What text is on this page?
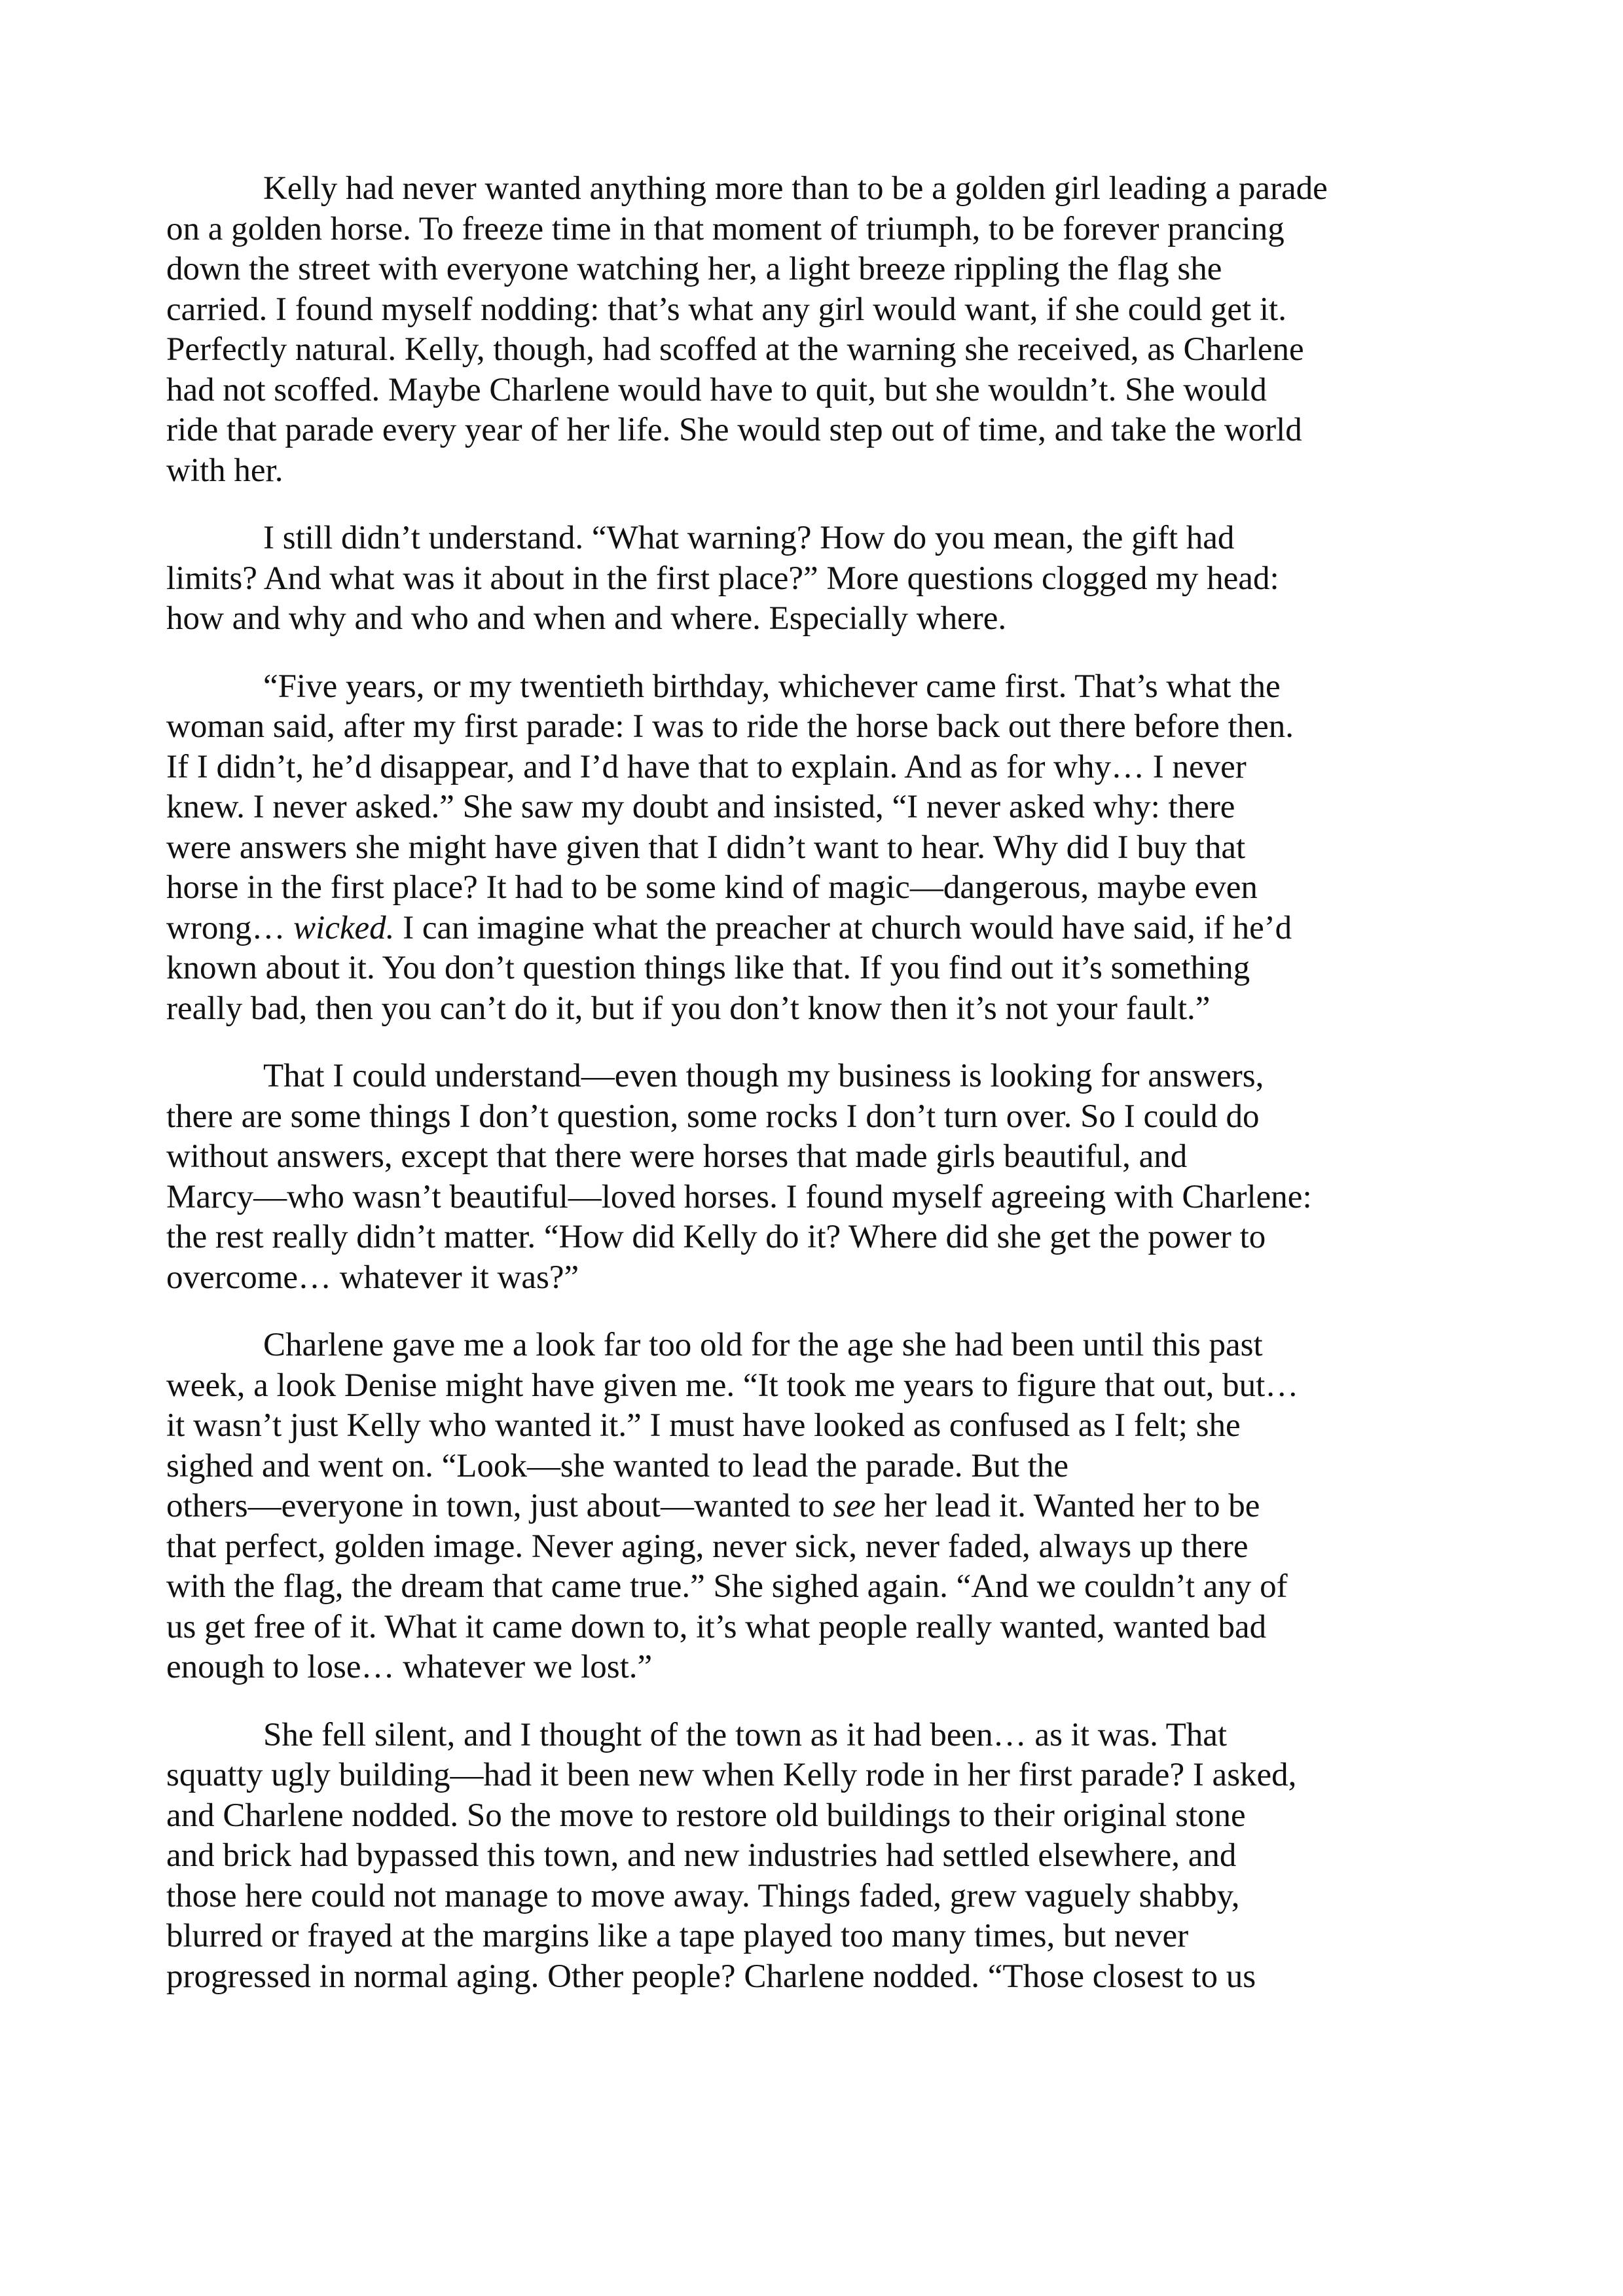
Kelly had never wanted anything more than to be a golden girl leading a parade
on a golden horse. To freeze time in that moment of triumph, to be forever prancing
down the street with everyone watching her, a light breeze rippling the flag she
carried. I found myself nodding: that’s what any girl would want, if she could get it.
Perfectly natural. Kelly, though, had scoffed at the warning she received, as Charlene
had not scoffed. Maybe Charlene would have to quit, but she wouldn’t. She would
ride that parade every year of her life. She would step out of time, and take the world
with her.
I still didn’t understand. “What warning? How do you mean, the gift had
limits? And what was it about in the first place?” More questions clogged my head:
how and why and who and when and where. Especially where.
“Five years, or my twentieth birthday, whichever came first. That’s what the
woman said, after my first parade: I was to ride the horse back out there before then.
If I didn’t, he’d disappear, and I’d have that to explain. And as for why… I never
knew. I never asked.” She saw my doubt and insisted, “I never asked why: there
were answers she might have given that I didn’t want to hear. Why did I buy that
horse in the first place? It had to be some kind of magic—dangerous, maybe even
wrong… wicked. I can imagine what the preacher at church would have said, if he’d
known about it. You don’t question things like that. If you find out it’s something
really bad, then you can’t do it, but if you don’t know then it’s not your fault.”
That I could understand—even though my business is looking for answers,
there are some things I don’t question, some rocks I don’t turn over. So I could do
without answers, except that there were horses that made girls beautiful, and
Marcy—who wasn’t beautiful—loved horses. I found myself agreeing with Charlene:
the rest really didn’t matter. “How did Kelly do it? Where did she get the power to
overcome… whatever it was?”
Charlene gave me a look far too old for the age she had been until this past
week, a look Denise might have given me. “It took me years to figure that out, but…
it wasn’t just Kelly who wanted it.” I must have looked as confused as I felt; she
sighed and went on. “Look—she wanted to lead the parade. But the
others—everyone in town, just about—wanted to see her lead it. Wanted her to be
that perfect, golden image. Never aging, never sick, never faded, always up there
with the flag, the dream that came true.” She sighed again. “And we couldn’t any of
us get free of it. What it came down to, it’s what people really wanted, wanted bad
enough to lose… whatever we lost.”
She fell silent, and I thought of the town as it had been… as it was. That
squatty ugly building—had it been new when Kelly rode in her first parade? I asked,
and Charlene nodded. So the move to restore old buildings to their original stone
and brick had bypassed this town, and new industries had settled elsewhere, and
those here could not manage to move away. Things faded, grew vaguely shabby,
blurred or frayed at the margins like a tape played too many times, but never
progressed in normal aging. Other people? Charlene nodded. “Those closest to us
